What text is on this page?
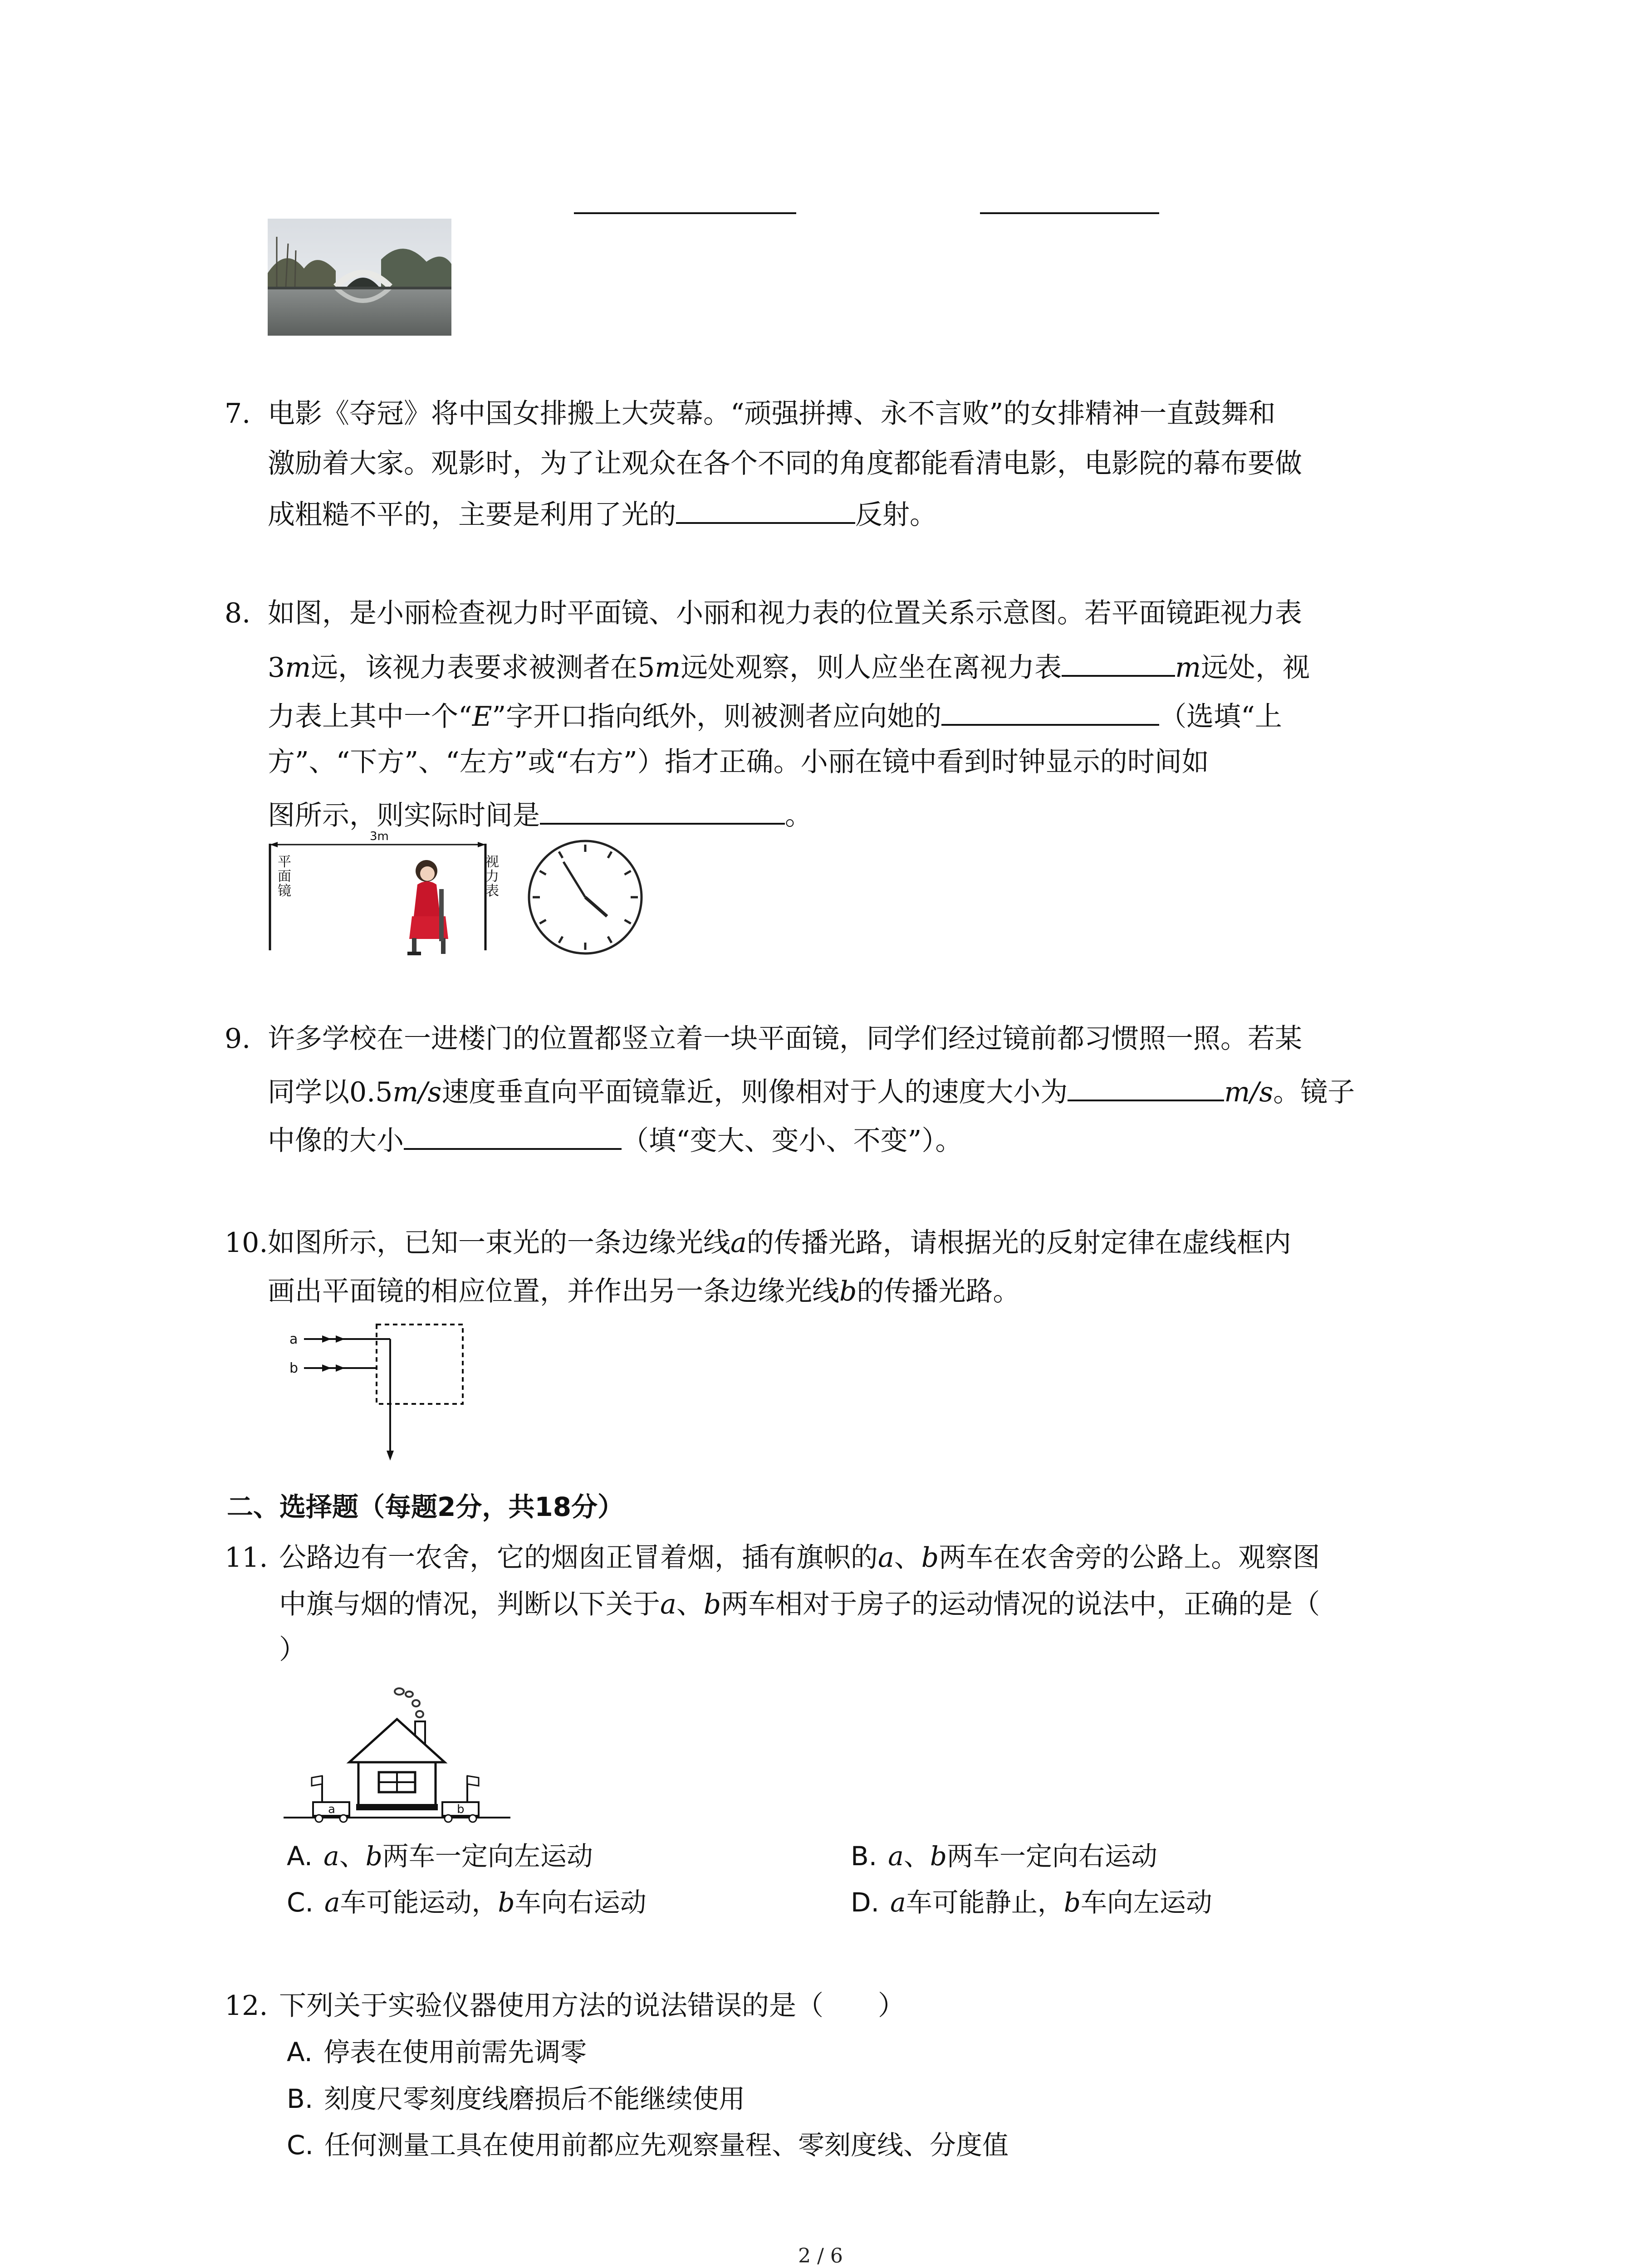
7. 电影《夺冠》将中国女排搬上大荧幕。“顽强拼搏、永不言败”的女排精神一直鼓舞和
激励着大家。观影时，为了让观众在各个不同的角度都能看清电影，电影院的幕布要做
成粗糙不平的，主要是利用了光的	反射。
8. 如图，是小丽检查视力时平面镜、小丽和视力表的位置关系示意图。若平面镜距视力表
3m远，该视力表要求被测者在5m远处观察，则人应坐在离视力表	m远处，视
力表上其中一个“E”字开口指向纸外，则被测者应向她的	（选填“上
方”、“下方”、“左方”或“右方”）指才正确。小丽在镜中看到时钟显示的时间如
图所示，则实际时间是	。
3m
平
面
镜
视
力
表
9. 许多学校在一进楼门的位置都竖立着一块平面镜，同学们经过镜前都习惯照一照。若某
同学以0.5m/s速度垂直向平面镜靠近，则像相对于人的速度大小为	m/s。镜子
中像的大小	（填“变大、变小、不变”）。
10. 如图所示，已知一束光的一条边缘光线a的传播光路，请根据光的反射定律在虚线框内
画出平面镜的相应位置，并作出另一条边缘光线b的传播光路。
a
b
二、选择题（每题2分，共18分）
11. 公路边有一农舍，它的烟囱正冒着烟，插有旗帜的a、b两车在农舍旁的公路上。观察图
中旗与烟的情况，判断以下关于a、b两车相对于房子的运动情况的说法中，正确的是（
）
a	b
A. a、b两车一定向左运动	B. a、b两车一定向右运动
C. a车可能运动，b车向右运动	D. a车可能静止，b车向左运动
12. 下列关于实验仪器使用方法的说法错误的是（　　）
A. 停表在使用前需先调零
B. 刻度尺零刻度线磨损后不能继续使用
C. 任何测量工具在使用前都应先观察量程、零刻度线、分度值
2 / 6
